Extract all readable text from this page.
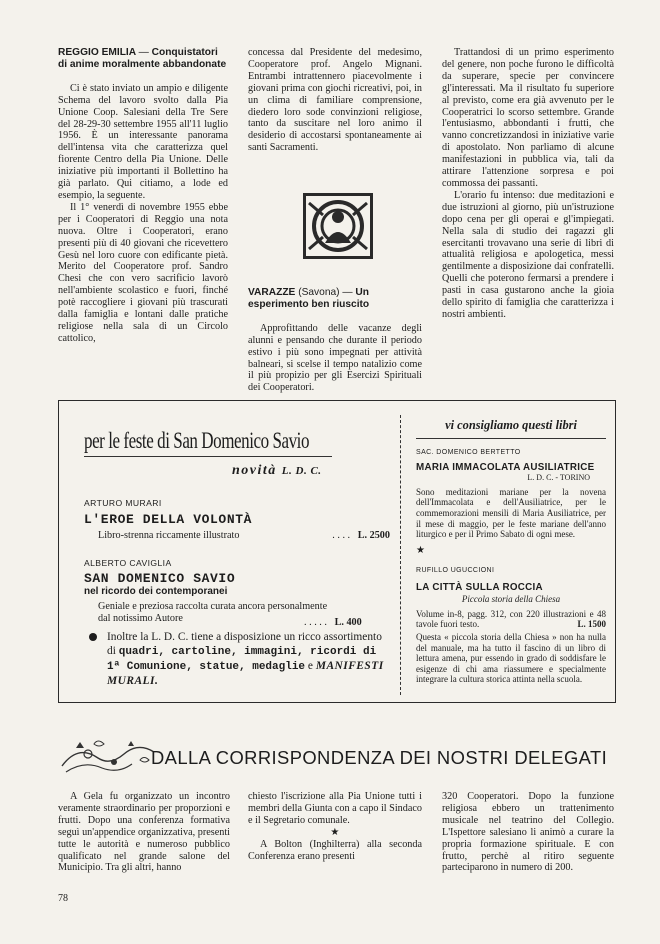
REGGIO EMILIA — Conquistatori di anime moralmente abbandonate

Ci è stato inviato un ampio e diligente Schema del lavoro svolto dalla Pia Unione Coop. Salesiani della Tre Sere del 28-29-30 settembre 1955 all'11 luglio 1956. È un interessante panorama dell'intensa vita che caratterizza quel fiorente Centro della Pia Unione. Delle iniziative più importanti il Bollettino ha già parlato. Qui citiamo, a lode ed esempio, la seguente.

Il 1° venerdì di novembre 1955 ebbe per i Cooperatori di Reggio una nota nuova. Oltre i Cooperatori, erano presenti più di 40 giovani che ricevettero Gesù nel loro cuore con edificante pietà. Merito del Cooperatore prof. Sandro Chesi che con vero sacrificio lavorò nell'ambiente scolastico e fuori, finché potè raccogliere i giovani più trascurati dalla famiglia e lontani dalle pratiche religiose nella sala di un Circolo cattolico,

concessa dal Presidente del medesimo, Cooperatore prof. Angelo Mignani. Entrambi intrattennero piacevolmente i giovani prima con giochi ricreativi, poi, in un clima di familiare comprensione, diedero loro sode convinzioni religiose, tanto da suscitare nel loro animo il desiderio di accostarsi spontaneamente ai santi Sacramenti.

VARAZZE (Savona) — Un esperimento ben riuscito

Approfittando delle vacanze degli alunni e pensando che durante il periodo estivo i più sono impegnati per attività balneari, si scelse il tempo natalizio come il più propizio per gli Esercizi Spirituali dei Cooperatori.

Trattandosi di un primo esperimento del genere, non poche furono le difficoltà da superare, specie per convincere gl'interessati. Ma il risultato fu superiore al previsto, come era già avvenuto per le Cooperatrici lo scorso settembre. Grande l'entusiasmo, abbondanti i frutti, che vanno concretizzandosi in iniziative varie di apostolato. Non parliamo di alcune manifestazioni in pubblica via, tali da attirare l'attenzione sorpresa e poi commossa dei passanti.

L'orario fu intenso: due meditazioni e due istruzioni al giorno, più un'istruzione dopo cena per gli operai e gl'impiegati. Nella sala di studio dei ragazzi gli esercitanti trovavano una serie di libri di attualità religiosa e apologetica, messi gentilmente a disposizione dai confratelli. Quelli che poterono fermarsi a prendere i pasti in casa gustarono anche la gioia dello spirito di famiglia che caratterizza i nostri ambienti.

per le feste di San Domenico Savio
novità L. D. C.
ARTURO MURARI
L'EROE DELLA VOLONTÀ
Libro-strenna riccamente illustrato	. . . . L. 2500
ALBERTO CAVIGLIA
SAN DOMENICO SAVIO
nel ricordo dei contemporanei
Geniale e preziosa raccolta curata ancora personalmente dal notissimo Autore	. . . . . L. 400
Inoltre la L. D. C. tiene a disposizione un ricco assortimento di quadri, cartoline, immagini, ricordi di 1ª Comunione, statue, medaglie e MANIFESTI MURALI.
vi consigliamo questi libri
SAC. DOMENICO BERTETTO
MARIA IMMACOLATA AUSILIATRICE
L. D. C. - TORINO
Sono meditazioni mariane per la novena dell'Immacolata e dell'Ausiliatrice, per le commemorazioni mensili di Maria Ausiliatrice, per il mese di maggio, per le feste mariane dell'anno liturgico e per il Primo Sabato di ogni mese.
★
RUFILLO UGUCCIONI
LA CITTÀ SULLA ROCCIA
Piccola storia della Chiesa
Volume in-8, pagg. 312, con 220 illustrazioni e 48 tavole fuori testo.	L. 1500
Questa « piccola storia della Chiesa » non ha nulla del manuale, ma ha tutto il fascino di un libro di lettura amena, pur essendo in grado di soddisfare le esigenze di chi ama riassumere e specialmente integrare la cultura storica attinta nella scuola.
DALLA CORRISPONDENZA DEI NOSTRI DELEGATI

A Gela fu organizzato un incontro veramente straordinario per proporzioni e frutti. Dopo una conferenza formativa seguì un'appendice organizzativa, presenti tutte le autorità e numeroso pubblico qualificato nel grande salone del Municipio. Tra gli altri, hanno

chiesto l'iscrizione alla Pia Unione tutti i membri della Giunta con a capo il Sindaco e il Segretario comunale.

★

A Bolton (Inghilterra) alla seconda Conferenza erano presenti

320 Cooperatori. Dopo la funzione religiosa ebbero un trattenimento musicale nel teatrino del Collegio. L'Ispettore salesiano li animò a curare la propria formazione spirituale. E con frutto, perchè al ritiro seguente parteciparono in numero di 200.

78
